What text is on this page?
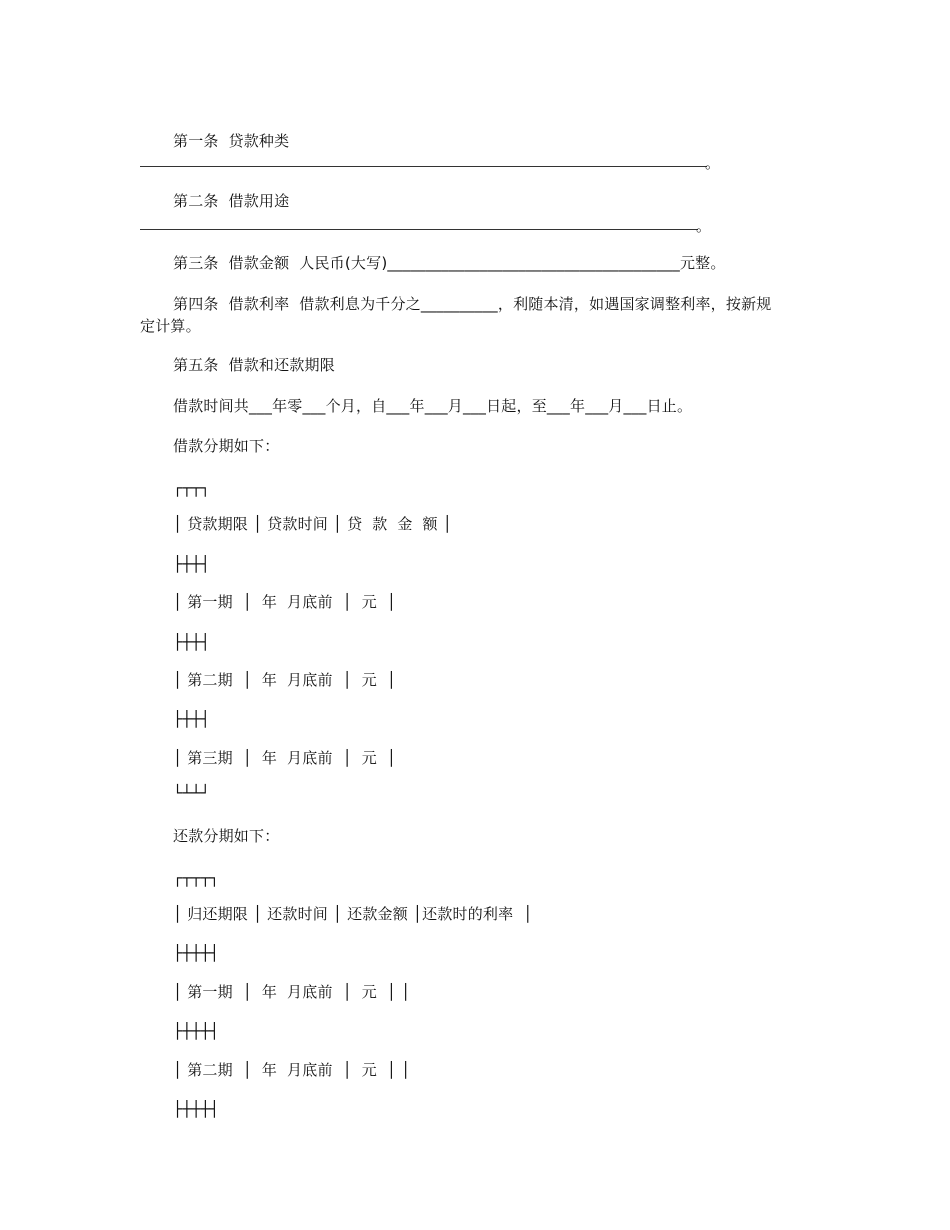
第一条  贷款种类
。
第二条  借款用途
。
第三条  借款金额  人民币(大写)______________________________________元整。
第四条  借款利率  借款利息为千分之__________，利随本清，如遇国家调整利率，按新规
定计算。
第五条  借款和还款期限
借款时间共___年零___个月，自___年___月___日起，至___年___月___日止。
借款分期如下：
┌┬┬┐
│ 贷款期限 │ 贷款时间 │ 贷  款  金  额 │
├┼┼┤
│ 第一期  │  年  月底前  │  元  │
├┼┼┤
│ 第二期  │  年  月底前  │  元  │
├┼┼┤
│ 第三期  │  年  月底前  │  元  │
└┴┴┘
还款分期如下：
┌┬┬┬┐
│ 归还期限 │ 还款时间 │ 还款金额 │还款时的利率  │
├┼┼┼┤
│ 第一期  │  年  月底前  │  元  │ │
├┼┼┼┤
│ 第二期  │  年  月底前  │  元  │ │
├┼┼┼┤
